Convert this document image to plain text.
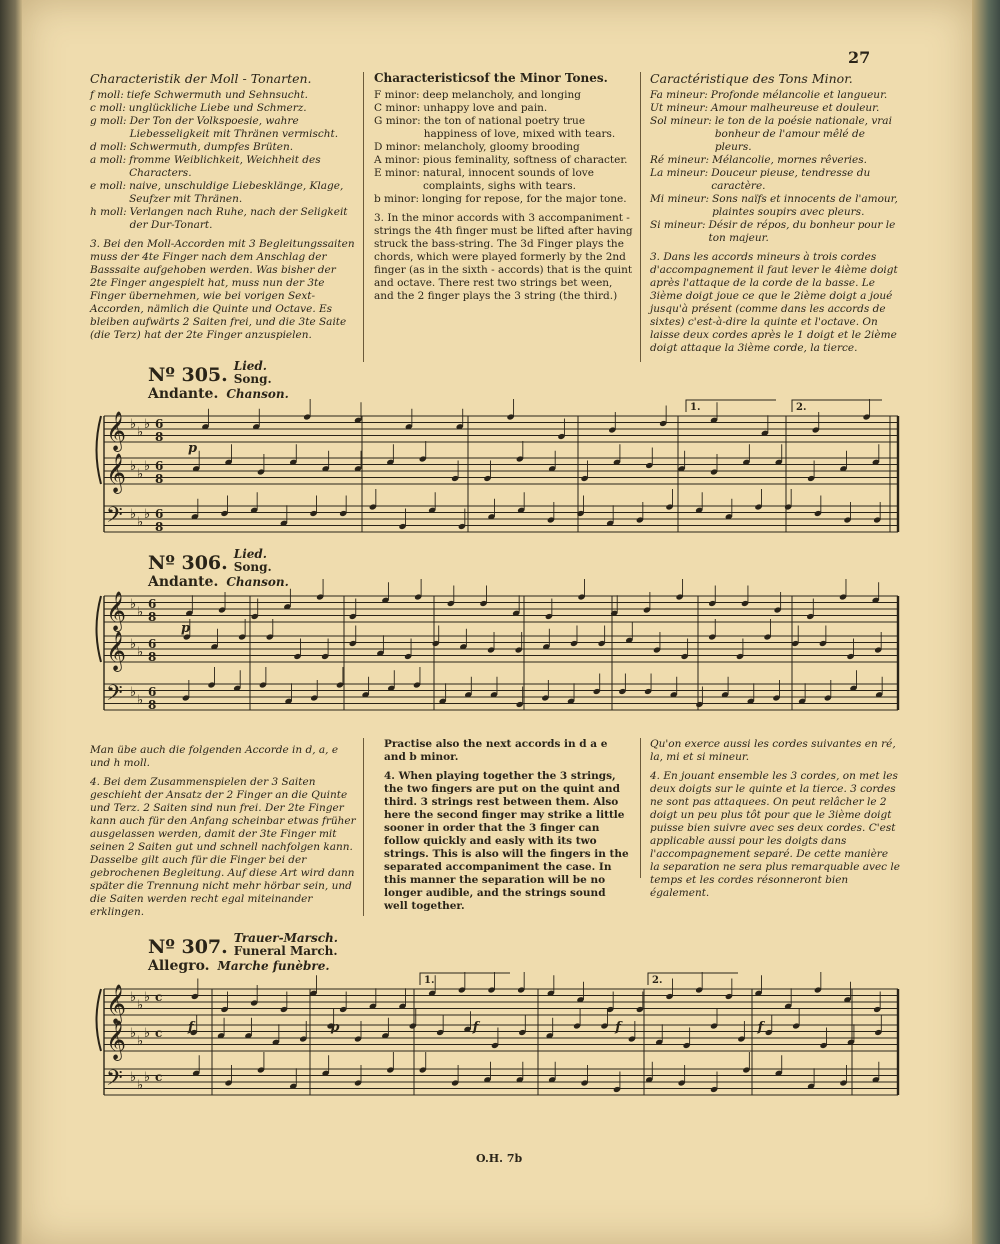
27
Characteristik der Moll - Tonarten.
f moll: tiefe Schwermuth und Sehnsucht.
c moll: unglückliche Liebe und Schmerz.
g moll: Der Ton der Volkspoesie, wahre Liebesseligkeit mit Thränen vermischt.
d moll: Schwermuth, dumpfes Brüten.
a moll: fromme Weiblichkeit, Weichheit des Characters.
e moll: naive, unschuldige Liebesklänge, Klage, Seufzer mit Thränen.
h moll: Verlangen nach Ruhe, nach der Seligkeit der Dur-Tonart.

3. Bei den Moll-Accorden mit 3 Begleitungssaiten muss der 4te Finger nach dem Anschlag der Basssaite aufgehoben werden. Was bisher der 2te Finger angespielt hat, muss nun der 3te Finger übernehmen, wie bei vorigen Sext-Accorden, nämlich die Quinte und Octave. Es bleiben aufwärts 2 Saiten frei, und die 3te Saite (die Terz) hat der 2te Finger anzuspielen.

Characteristicsof the Minor Tones.
F minor: deep melancholy, and longing
C minor: unhappy love and pain.
G minor: the ton of national poetry true happiness of love, mixed with tears.
D minor: melancholy, gloomy brooding
A minor: pious feminality, softness of character.
E minor: natural, innocent sounds of love complaints, sighs with tears.
b minor: longing for repose, for the major tone.

3. In the minor accords with 3 accompaniment - strings the 4th finger must be lifted after having struck the bass-string. The 3d Finger plays the chords, which were played formerly by the 2nd finger (as in the sixth - accords) that is the quint and octave. There rest two strings bet ween, and the 2 finger plays the 3 string (the third.)

Caractéristique des Tons Minor.
Fa mineur: Profonde mélancolie et langueur.
Ut mineur: Amour malheureuse et douleur.
Sol mineur: le ton de la poésie nationale, vrai bonheur de l'amour mêlé de pleurs.
Ré mineur: Mélancolie, mornes rêveries.
La mineur: Douceur pieuse, tendresse du caractère.
Mi mineur: Sons naïfs et innocents de l'amour, plaintes soupirs avec pleurs.
Si mineur: Désir de répos, du bonheur pour le ton majeur.

3. Dans les accords mineurs à trois cordes d'accompagnement il faut lever le 4ième doigt après l'attaque de la corde de la basse. Le 3ième doigt joue ce que le 2ième doigt a joué jusqu'à présent (comme dans les accords de sixtes) c'est-à-dire la quinte et l'octave. On laisse deux cordes après le 1 doigt et le 2ième doigt attaque la 3ième corde, la tierce.

Nº 305. Lied.
Song.
Andante. Chanson.
𝄞
𝄞
𝄢
♭
♭
♭
♭
♭
♭
♭
♭
♭
6
8
6
8
6
8
p
1.	2.
Nº 306. Lied.
Song.
Andante. Chanson.
𝄞
𝄞
𝄢
♭
♭
♭
♭
♭
♭
6
8
6
8
6
8
p

Man übe auch die folgenden Accorde in d, a, e und h moll.

4. Bei dem Zusammenspielen der 3 Saiten geschieht der Ansatz der 2 Finger an die Quinte und Terz. 2 Saiten sind nun frei. Der 2te Finger kann auch für den Anfang scheinbar etwas früher ausgelassen werden, damit der 3te Finger mit seinen 2 Saiten gut und schnell nachfolgen kann. Dasselbe gilt auch für die Finger bei der gebrochenen Begleitung. Auf diese Art wird dann später die Trennung nicht mehr hörbar sein, und die Saiten werden recht egal miteinander erklingen.

Practise also the next accords in d a e and b minor.

4. When playing together the 3 strings, the two fingers are put on the quint and third. 3 strings rest between them. Also here the second finger may strike a little sooner in order that the 3 finger can follow quickly and easly with its two strings. This is also will the fingers in the separated accompaniment the case. In this manner the separation will be no longer audible, and the strings sound well together.

Qu'on exerce aussi les cordes suivantes en ré, la, mi et si mineur.

4. En jouant ensemble les 3 cordes, on met les deux doigts sur le quinte et la tierce. 3 cordes ne sont pas attaquees. On peut relâcher le 2 doigt un peu plus tôt pour que le 3ième doigt puisse bien suivre avec ses deux cordes. C'est applicable aussi pour les doigts dans l'accompagnement separé. De cette manière la separation ne sera plus remarquable avec le temps et les cordes résonneront bien également.

Nº 307. Trauer-Marsch.
Funeral March.
Allegro. Marche funèbre.
𝄞
𝄞
𝄢
♭
♭
♭
♭
♭
♭
♭
♭
♭
c
c
c
f	p	f	f	f
1.	2.
O.H. 7b
